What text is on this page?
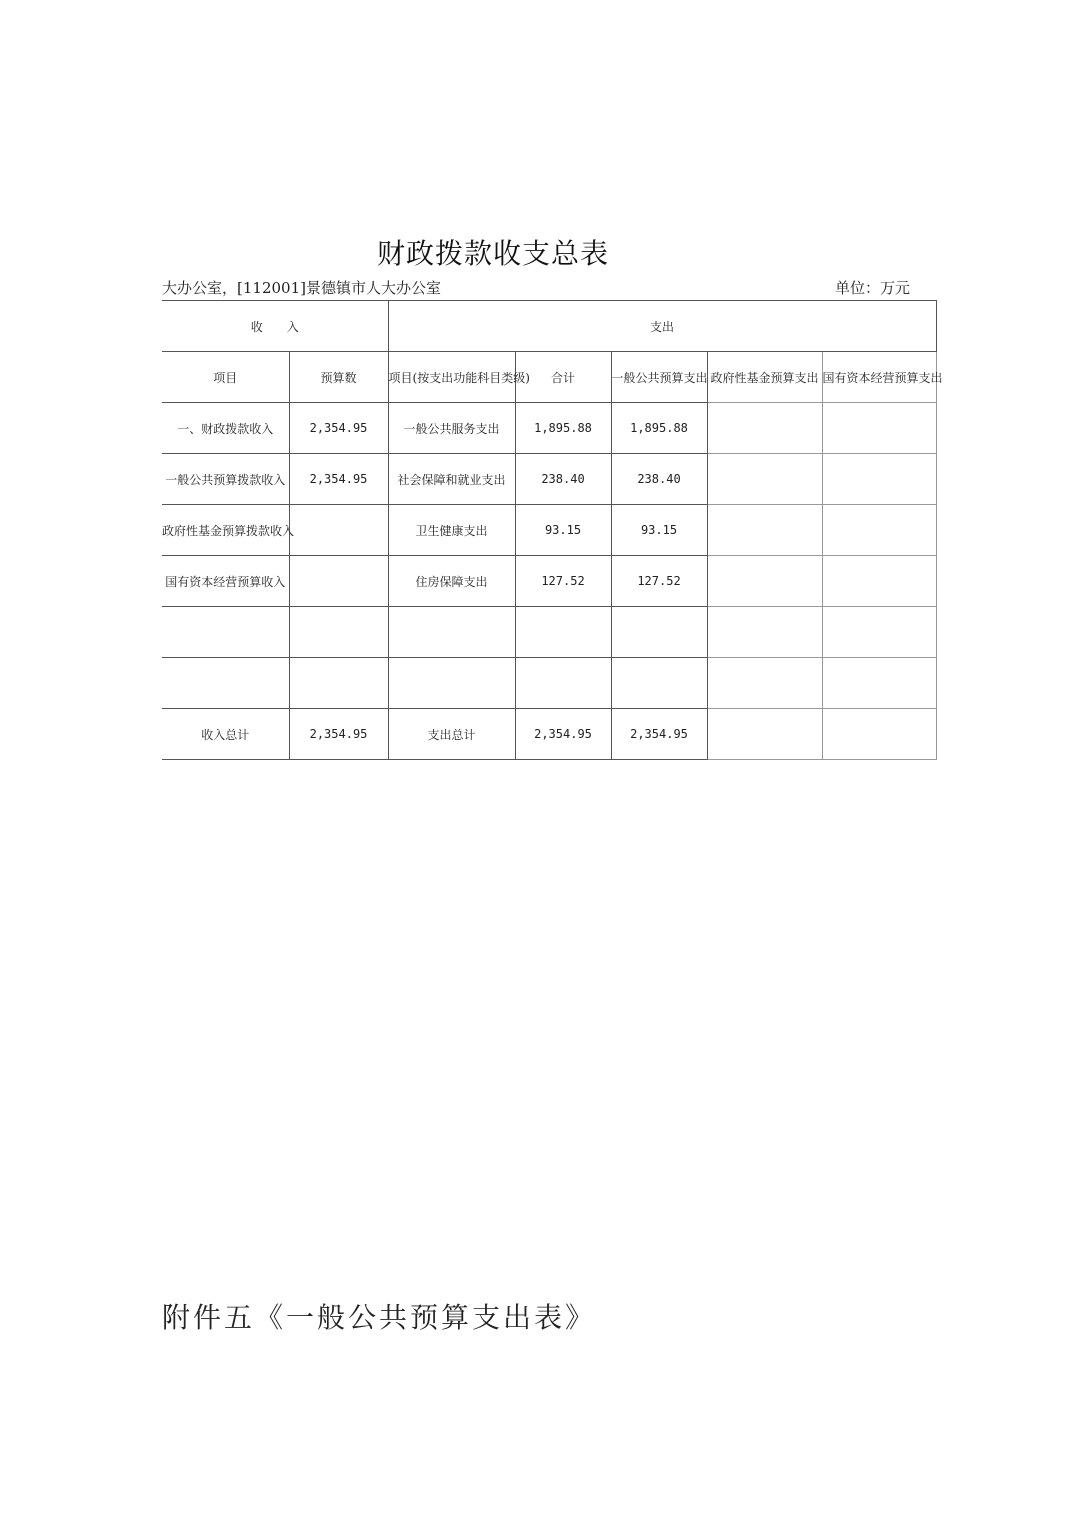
财政拨款收支总表
大办公室，[112001]景德镇市人大办公室	单位：万元
收　　入		支出				
项目	预算数	项目(按支出功能科目类级)	合计	一般公共预算支出	政府性基金预算支出	国有资本经营预算支出
一、财政拨款收入	2,354.95	一般公共服务支出	1,895.88	1,895.88		
一般公共预算拨款收入	2,354.95	社会保障和就业支出	238.40	238.40		
政府性基金预算拨款收入		卫生健康支出	93.15	93.15		
国有资本经营预算收入		住房保障支出	127.52	127.52		

收入总计	2,354.95	支出总计	2,354.95	2,354.95		
附件五《一般公共预算支出表》
